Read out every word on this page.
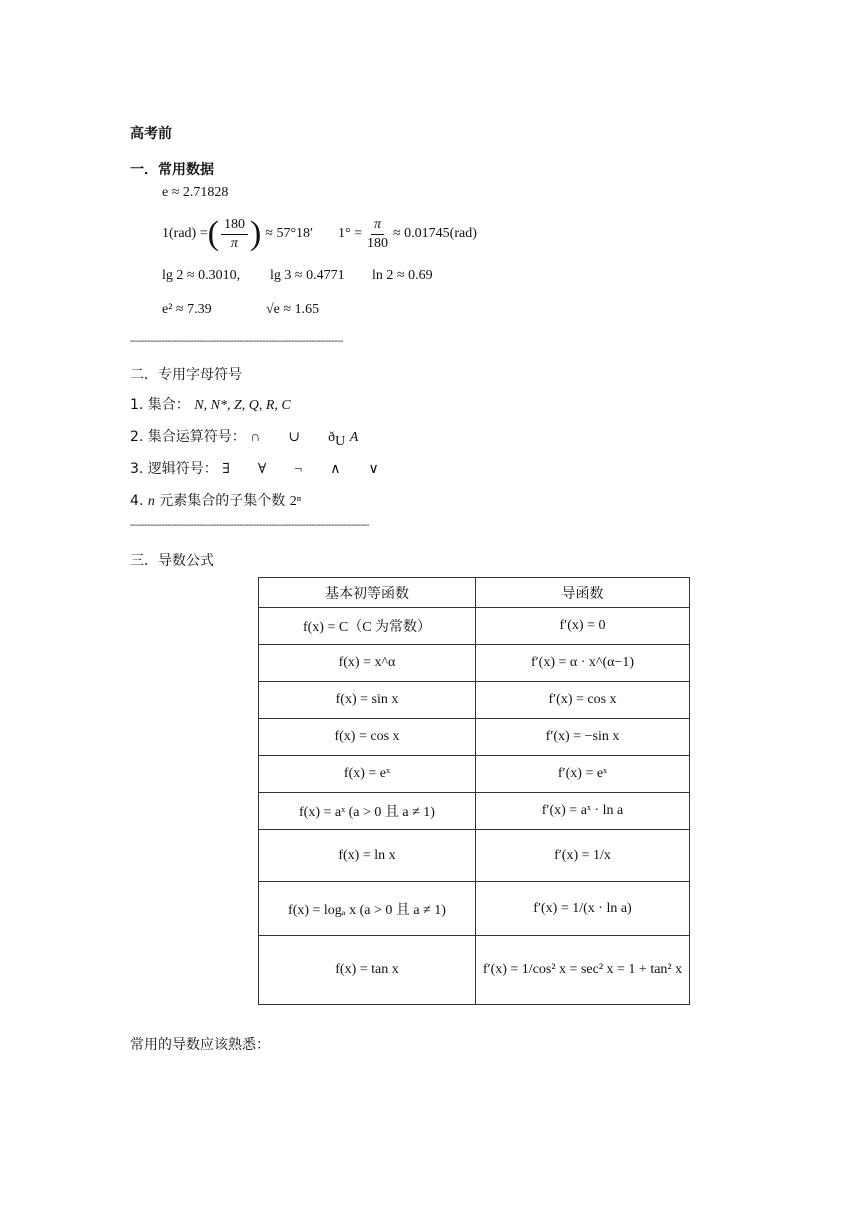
高考前
一．常用数据
e ≈ 2.71828
1(rad) = ( $\frac{180}{\pi}$ ) ≈ 57°18′ $1^\circ = \frac{\pi}{180} \approx 0.01745(rad)$
lg 2 ≈ 0.3010, lg 3 ≈ 0.4771 ln 2 ≈ 0.69
e² ≈ 7.39	√e ≈ 1.65
--------------------------------------------------------------------------
二．专用字母符号
1. 集合： N, N*, Z, Q, R, C
2. 集合运算符号： ∩　　∪　　$ð_U$ A
3. 逻辑符号： ∃　　∀　　¬　　∧　　∨
4. n 元素集合的子集个数 2ⁿ
-----------------------------------------------------------------------------------
三．导数公式
基本初等函数	导函数
f(x) = C（C 为常数）	f′(x) = 0
f(x) = x^α	f′(x) = α · x^(α−1)
f(x) = sin x	f′(x) = cos x
f(x) = cos x	f′(x) = −sin x
f(x) = eˣ	f′(x) = eˣ
f(x) = aˣ (a > 0 且 a ≠ 1)	f′(x) = aˣ · ln a
f(x) = ln x	f′(x) = 1/x
f(x) = logₐ x (a > 0 且 a ≠ 1)	f′(x) = 1/(x · ln a)
f(x) = tan x	f′(x) = 1/cos² x = sec² x = 1 + tan² x
常用的导数应该熟悉：
